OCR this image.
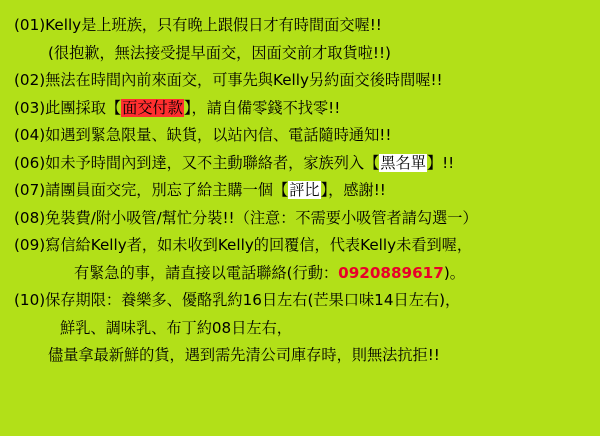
(01)Kelly是上班族，只有晚上跟假日才有時間面交喔!!
(很抱歉，無法接受提早面交，因面交前才取貨啦!!)
(02)無法在時間內前來面交，可事先與Kelly另約面交後時間喔!!
(03)此團採取【面交付款】，請自備零錢不找零!!
(04)如遇到緊急限量、缺貨，以站內信、電話隨時通知!!
(06)如未予時間內到達，又不主動聯絡者，家族列入【黑名單】!!
(07)請團員面交完，別忘了給主購一個【評比】，感謝!!
(08)免裝費/附小吸管/幫忙分裝!!（注意：不需要小吸管者請勾選一）
(09)寫信給Kelly者，如未收到Kelly的回覆信，代表Kelly未看到喔，
有緊急的事，請直接以電話聯絡(行動：0920889617)。
(10)保存期限：養樂多、優酪乳約16日左右(芒果口味14日左右)，
鮮乳、調味乳、布丁約08日左右，
儘量拿最新鮮的貨，遇到需先清公司庫存時，則無法抗拒!!
